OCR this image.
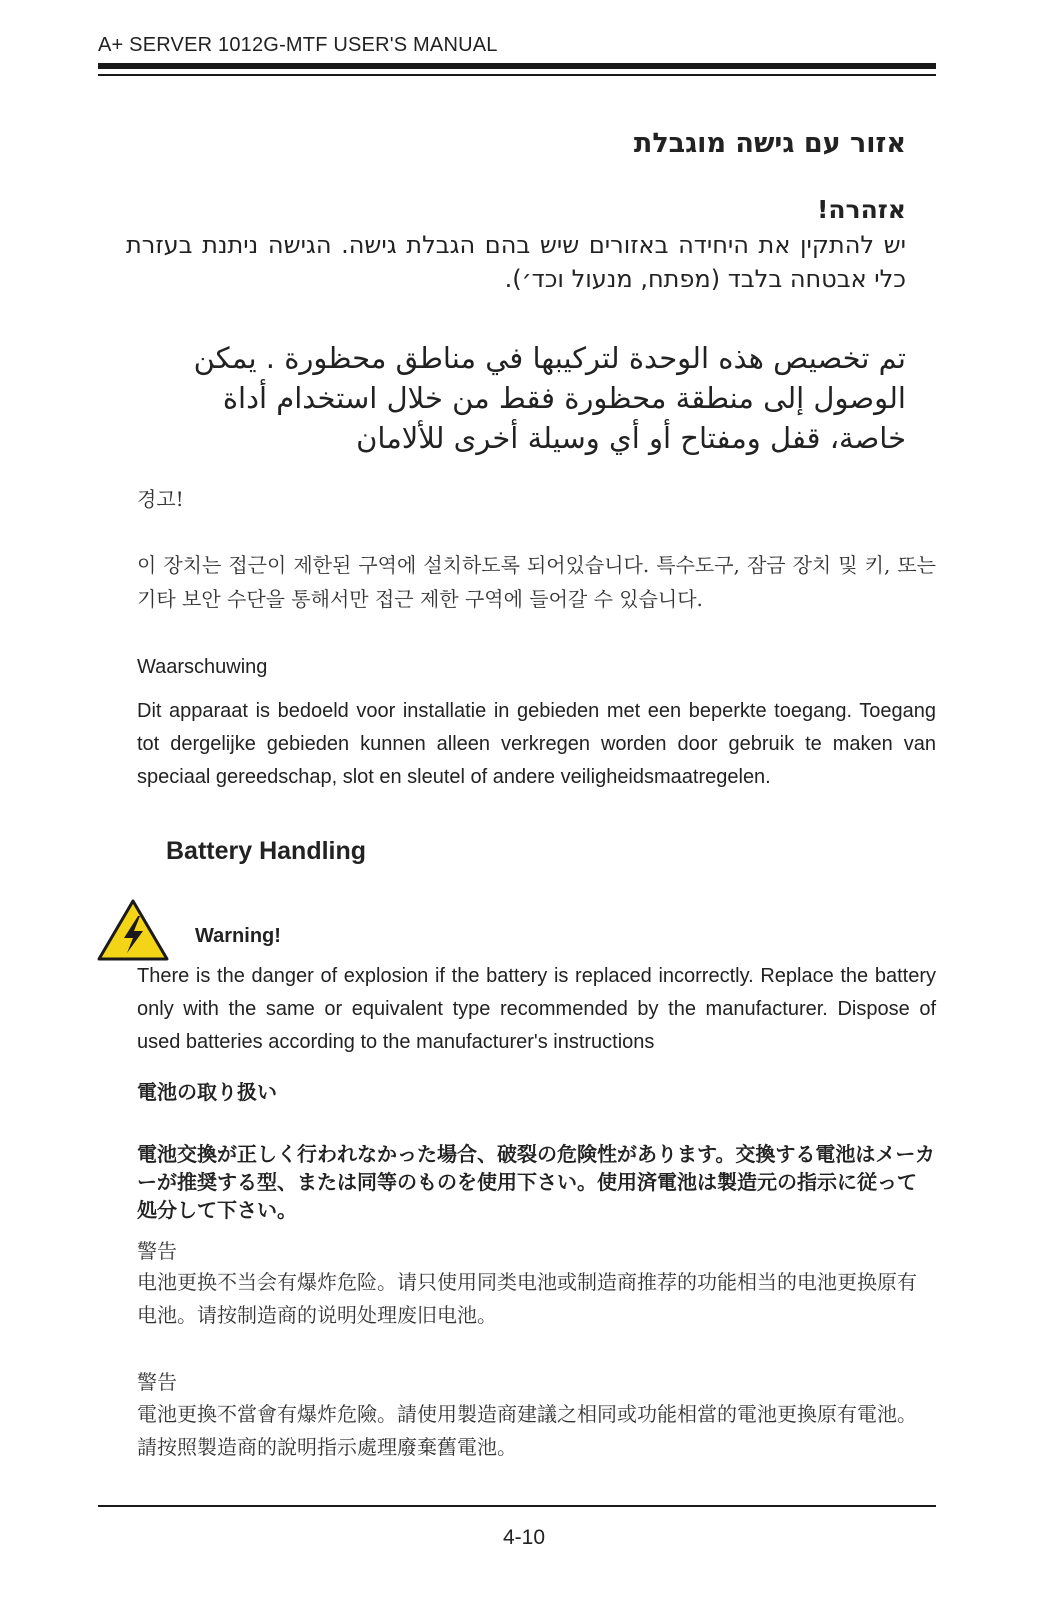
A+ SERVER 1012G-MTF USER'S MANUAL
אזור עם גישה מוגבלת
אזהרה!
יש להתקין את היחידה באזורים שיש בהם הגבלת גישה. הגישה ניתנת בעזרת כלי אבטחה בלבד (מפתח, מנעול וכד׳).
تم تخصيص هذه الوحدة لتركيبها في مناطق محظورة . يمكن الوصول إلى منطقة محظورة فقط من خلال استخدام أداة خاصة، قفل ومفتاح أو أي وسيلة أخرى للألامان
경고!
이 장치는 접근이 제한된 구역에 설치하도록 되어있습니다. 특수도구, 잠금 장치 및 키, 또는 기타 보안 수단을 통해서만 접근 제한 구역에 들어갈 수 있습니다.
Waarschuwing
Dit apparaat is bedoeld voor installatie in gebieden met een beperkte toegang. Toegang tot dergelijke gebieden kunnen alleen verkregen worden door gebruik te maken van speciaal gereedschap, slot en sleutel of andere veiligheidsmaatregelen.
Battery Handling
Warning!
There is the danger of explosion if the battery is replaced incorrectly. Replace the battery only with the same or equivalent type recommended by the manufacturer. Dispose of used batteries according to the manufacturer's instructions
電池の取り扱い
電池交換が正しく行われなかった場合、破裂の危険性があります。交換する電池はメーカーが推奨する型、または同等のものを使用下さい。使用済電池は製造元の指示に従って処分して下さい。
警告
电池更换不当会有爆炸危险。请只使用同类电池或制造商推荐的功能相当的电池更换原有电池。请按制造商的说明处理废旧电池。
警告
電池更換不當會有爆炸危險。請使用製造商建議之相同或功能相當的電池更換原有電池。請按照製造商的說明指示處理廢棄舊電池。
4-10
